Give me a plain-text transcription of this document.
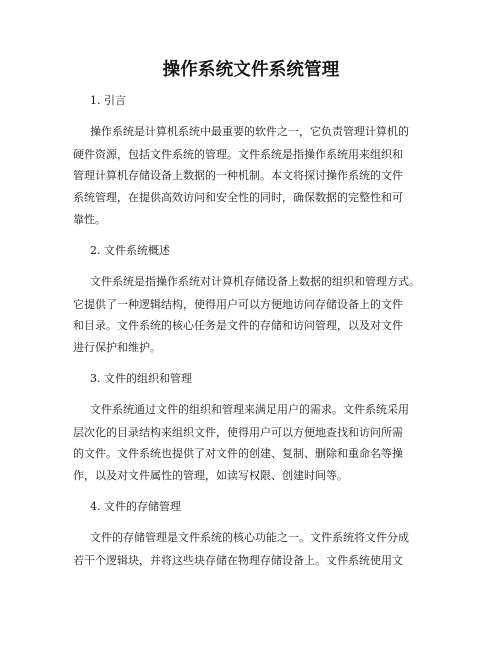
操作系统文件系统管理
1. 引言
操作系统是计算机系统中最重要的软件之一，它负责管理计算机的
硬件资源，包括文件系统的管理。文件系统是指操作系统用来组织和
管理计算机存储设备上数据的一种机制。本文将探讨操作系统的文件
系统管理，在提供高效访问和安全性的同时，确保数据的完整性和可
靠性。
2. 文件系统概述
文件系统是指操作系统对计算机存储设备上数据的组织和管理方式。
它提供了一种逻辑结构，使得用户可以方便地访问存储设备上的文件
和目录。文件系统的核心任务是文件的存储和访问管理，以及对文件
进行保护和维护。
3. 文件的组织和管理
文件系统通过文件的组织和管理来满足用户的需求。文件系统采用
层次化的目录结构来组织文件，使得用户可以方便地查找和访问所需
的文件。文件系统也提供了对文件的创建、复制、删除和重命名等操
作，以及对文件属性的管理，如读写权限、创建时间等。
4. 文件的存储管理
文件的存储管理是文件系统的核心功能之一。文件系统将文件分成
若干个逻辑块，并将这些块存储在物理存储设备上。文件系统使用文
